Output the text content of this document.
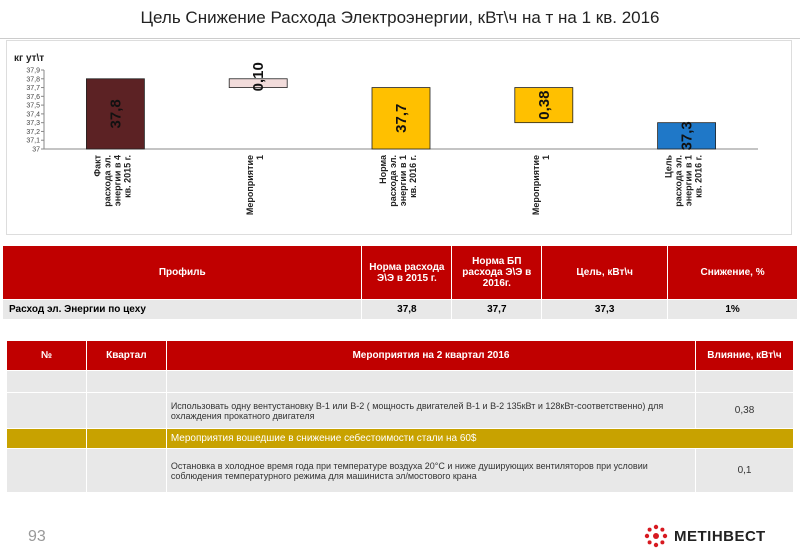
Цель Снижение Расхода Электроэнергии, кВт\ч на т на 1 кв. 2016
кг ут\т
37
37,1
37,2
37,3
37,4
37,5
37,6
37,7
37,8
37,9
37,8
0,10
37,7	0,38
37,3
Фактрасхода эл.энергии в 4кв. 2015 г.	Мероприятие1	Нормарасхода эл.энергии в 1кв. 2016 г.	Мероприятие1	Цельрасхода эл.энергии в 1кв. 2016 г.
Профиль	Норма расхода Э\Э в 2015 г.	Норма БП расхода Э\Э в 2016г.	Цель, кВт\ч	Снижение, %
Расход эл. Энергии по цеху	37,8	37,7	37,3	1%
№	Квартал	Мероприятия на 2 квартал 2016	Влияние, кВт\ч

		Использовать одну вентустановку В-1 или В-2 ( мощность двигателей В-1 и В-2 135кВт и 128кВт-соответственно) для охлаждения прокатного двигателя	0,38
		Мероприятия вошедшие в снижение себестоимости стали на 60$	
		Остановка в холодное время года при температуре воздуха 20°С и ниже душирующих вентиляторов при условии соблюдения температурного режима для машиниста эл/мостового крана	0,1
93	МЕТІНВЕСТ
